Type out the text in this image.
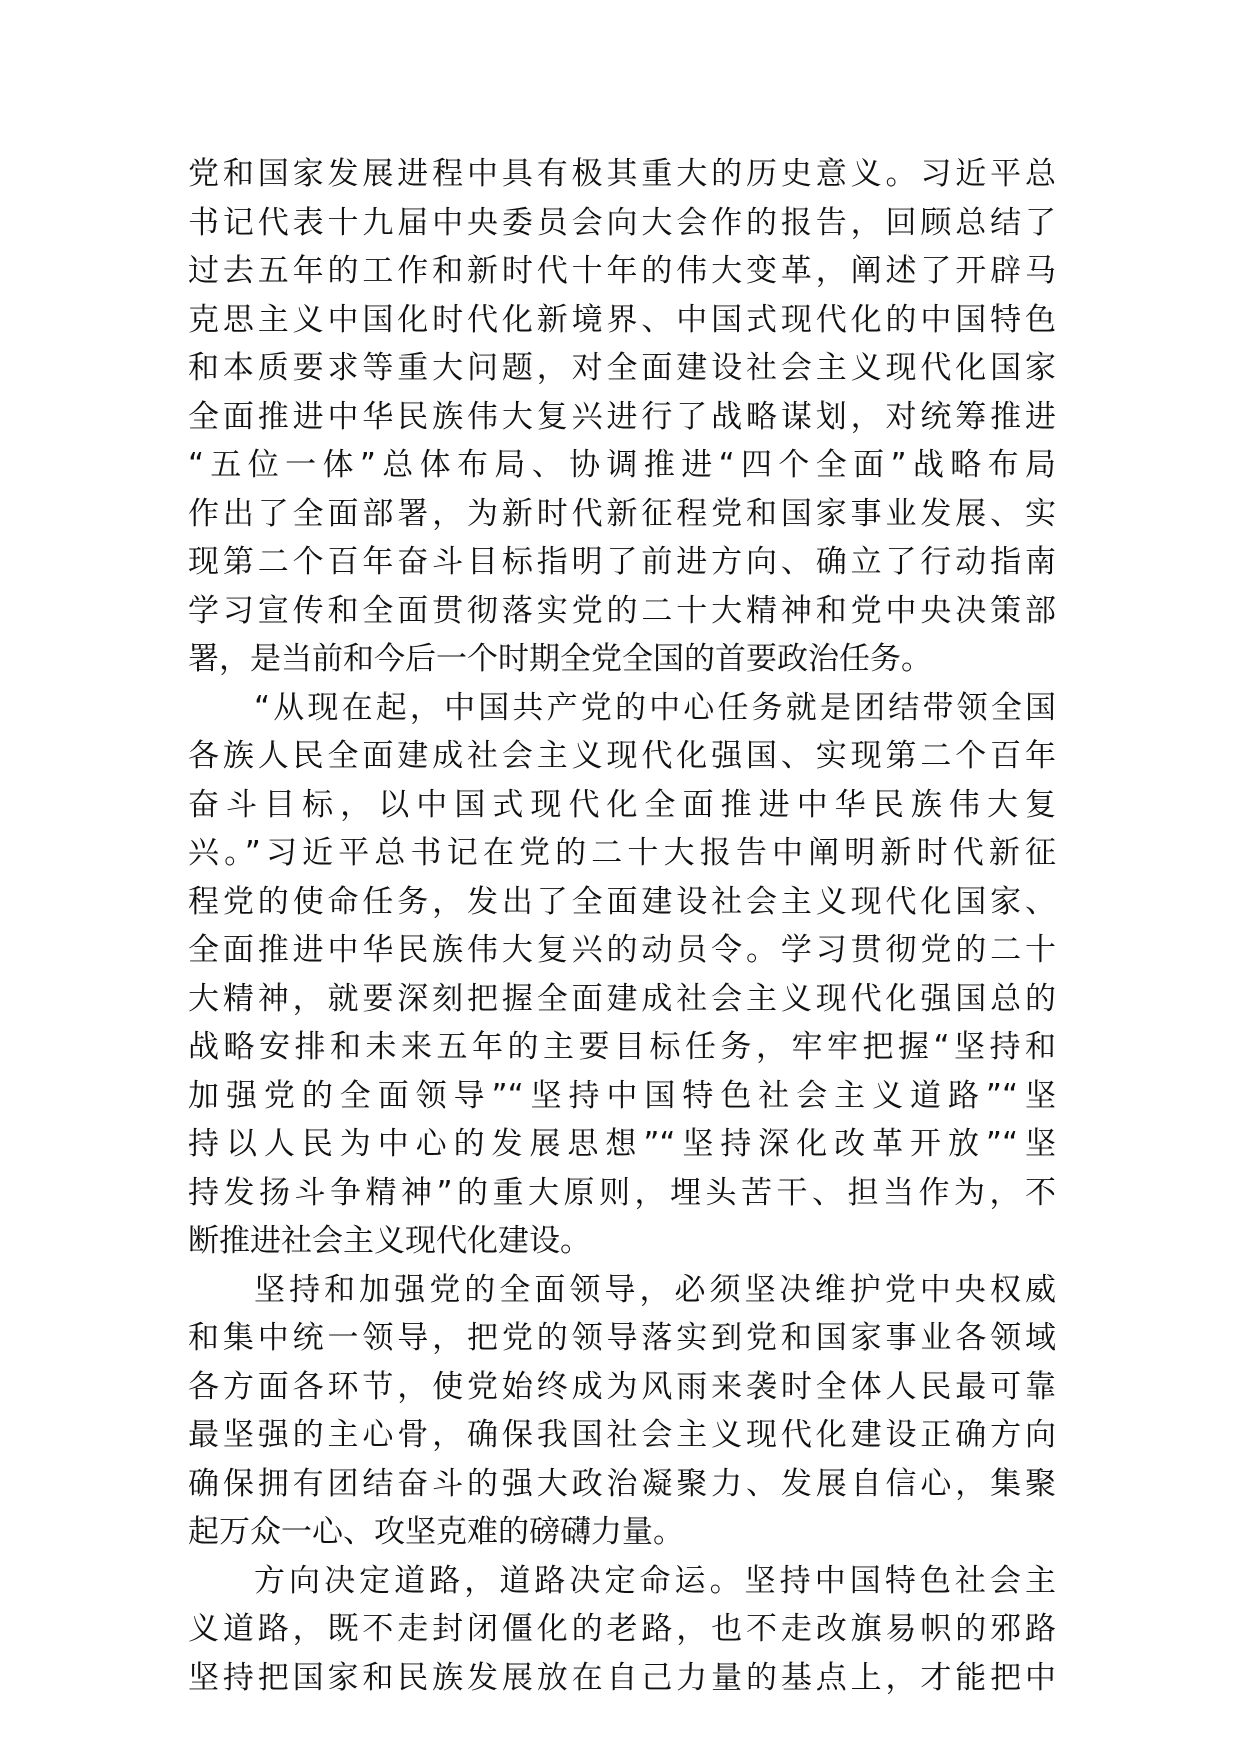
党和国家发展进程中具有极其重大的历史意义。习近平总
书记代表十九届中央委员会向大会作的报告，回顾总结了
过去五年的工作和新时代十年的伟大变革，阐述了开辟马
克思主义中国化时代化新境界、中国式现代化的中国特色
和本质要求等重大问题，对全面建设社会主义现代化国家
全面推进中华民族伟大复兴进行了战略谋划，对统筹推进
“五位一体”总体布局、协调推进“四个全面”战略布局
作出了全面部署，为新时代新征程党和国家事业发展、实
现第二个百年奋斗目标指明了前进方向、确立了行动指南
学习宣传和全面贯彻落实党的二十大精神和党中央决策部
署，是当前和今后一个时期全党全国的首要政治任务。
“从现在起，中国共产党的中心任务就是团结带领全国
各族人民全面建成社会主义现代化强国、实现第二个百年
奋斗目标，以中国式现代化全面推进中华民族伟大复
兴。”习近平总书记在党的二十大报告中阐明新时代新征
程党的使命任务，发出了全面建设社会主义现代化国家、
全面推进中华民族伟大复兴的动员令。学习贯彻党的二十
大精神，就要深刻把握全面建成社会主义现代化强国总的
战略安排和未来五年的主要目标任务，牢牢把握“坚持和
加强党的全面领导”“坚持中国特色社会主义道路”“坚
持以人民为中心的发展思想”“坚持深化改革开放”“坚
持发扬斗争精神”的重大原则，埋头苦干、担当作为，不
断推进社会主义现代化建设。
坚持和加强党的全面领导，必须坚决维护党中央权威
和集中统一领导，把党的领导落实到党和国家事业各领域
各方面各环节，使党始终成为风雨来袭时全体人民最可靠
最坚强的主心骨，确保我国社会主义现代化建设正确方向
确保拥有团结奋斗的强大政治凝聚力、发展自信心，集聚
起万众一心、攻坚克难的磅礴力量。
方向决定道路，道路决定命运。坚持中国特色社会主
义道路，既不走封闭僵化的老路，也不走改旗易帜的邪路
坚持把国家和民族发展放在自己力量的基点上，才能把中
